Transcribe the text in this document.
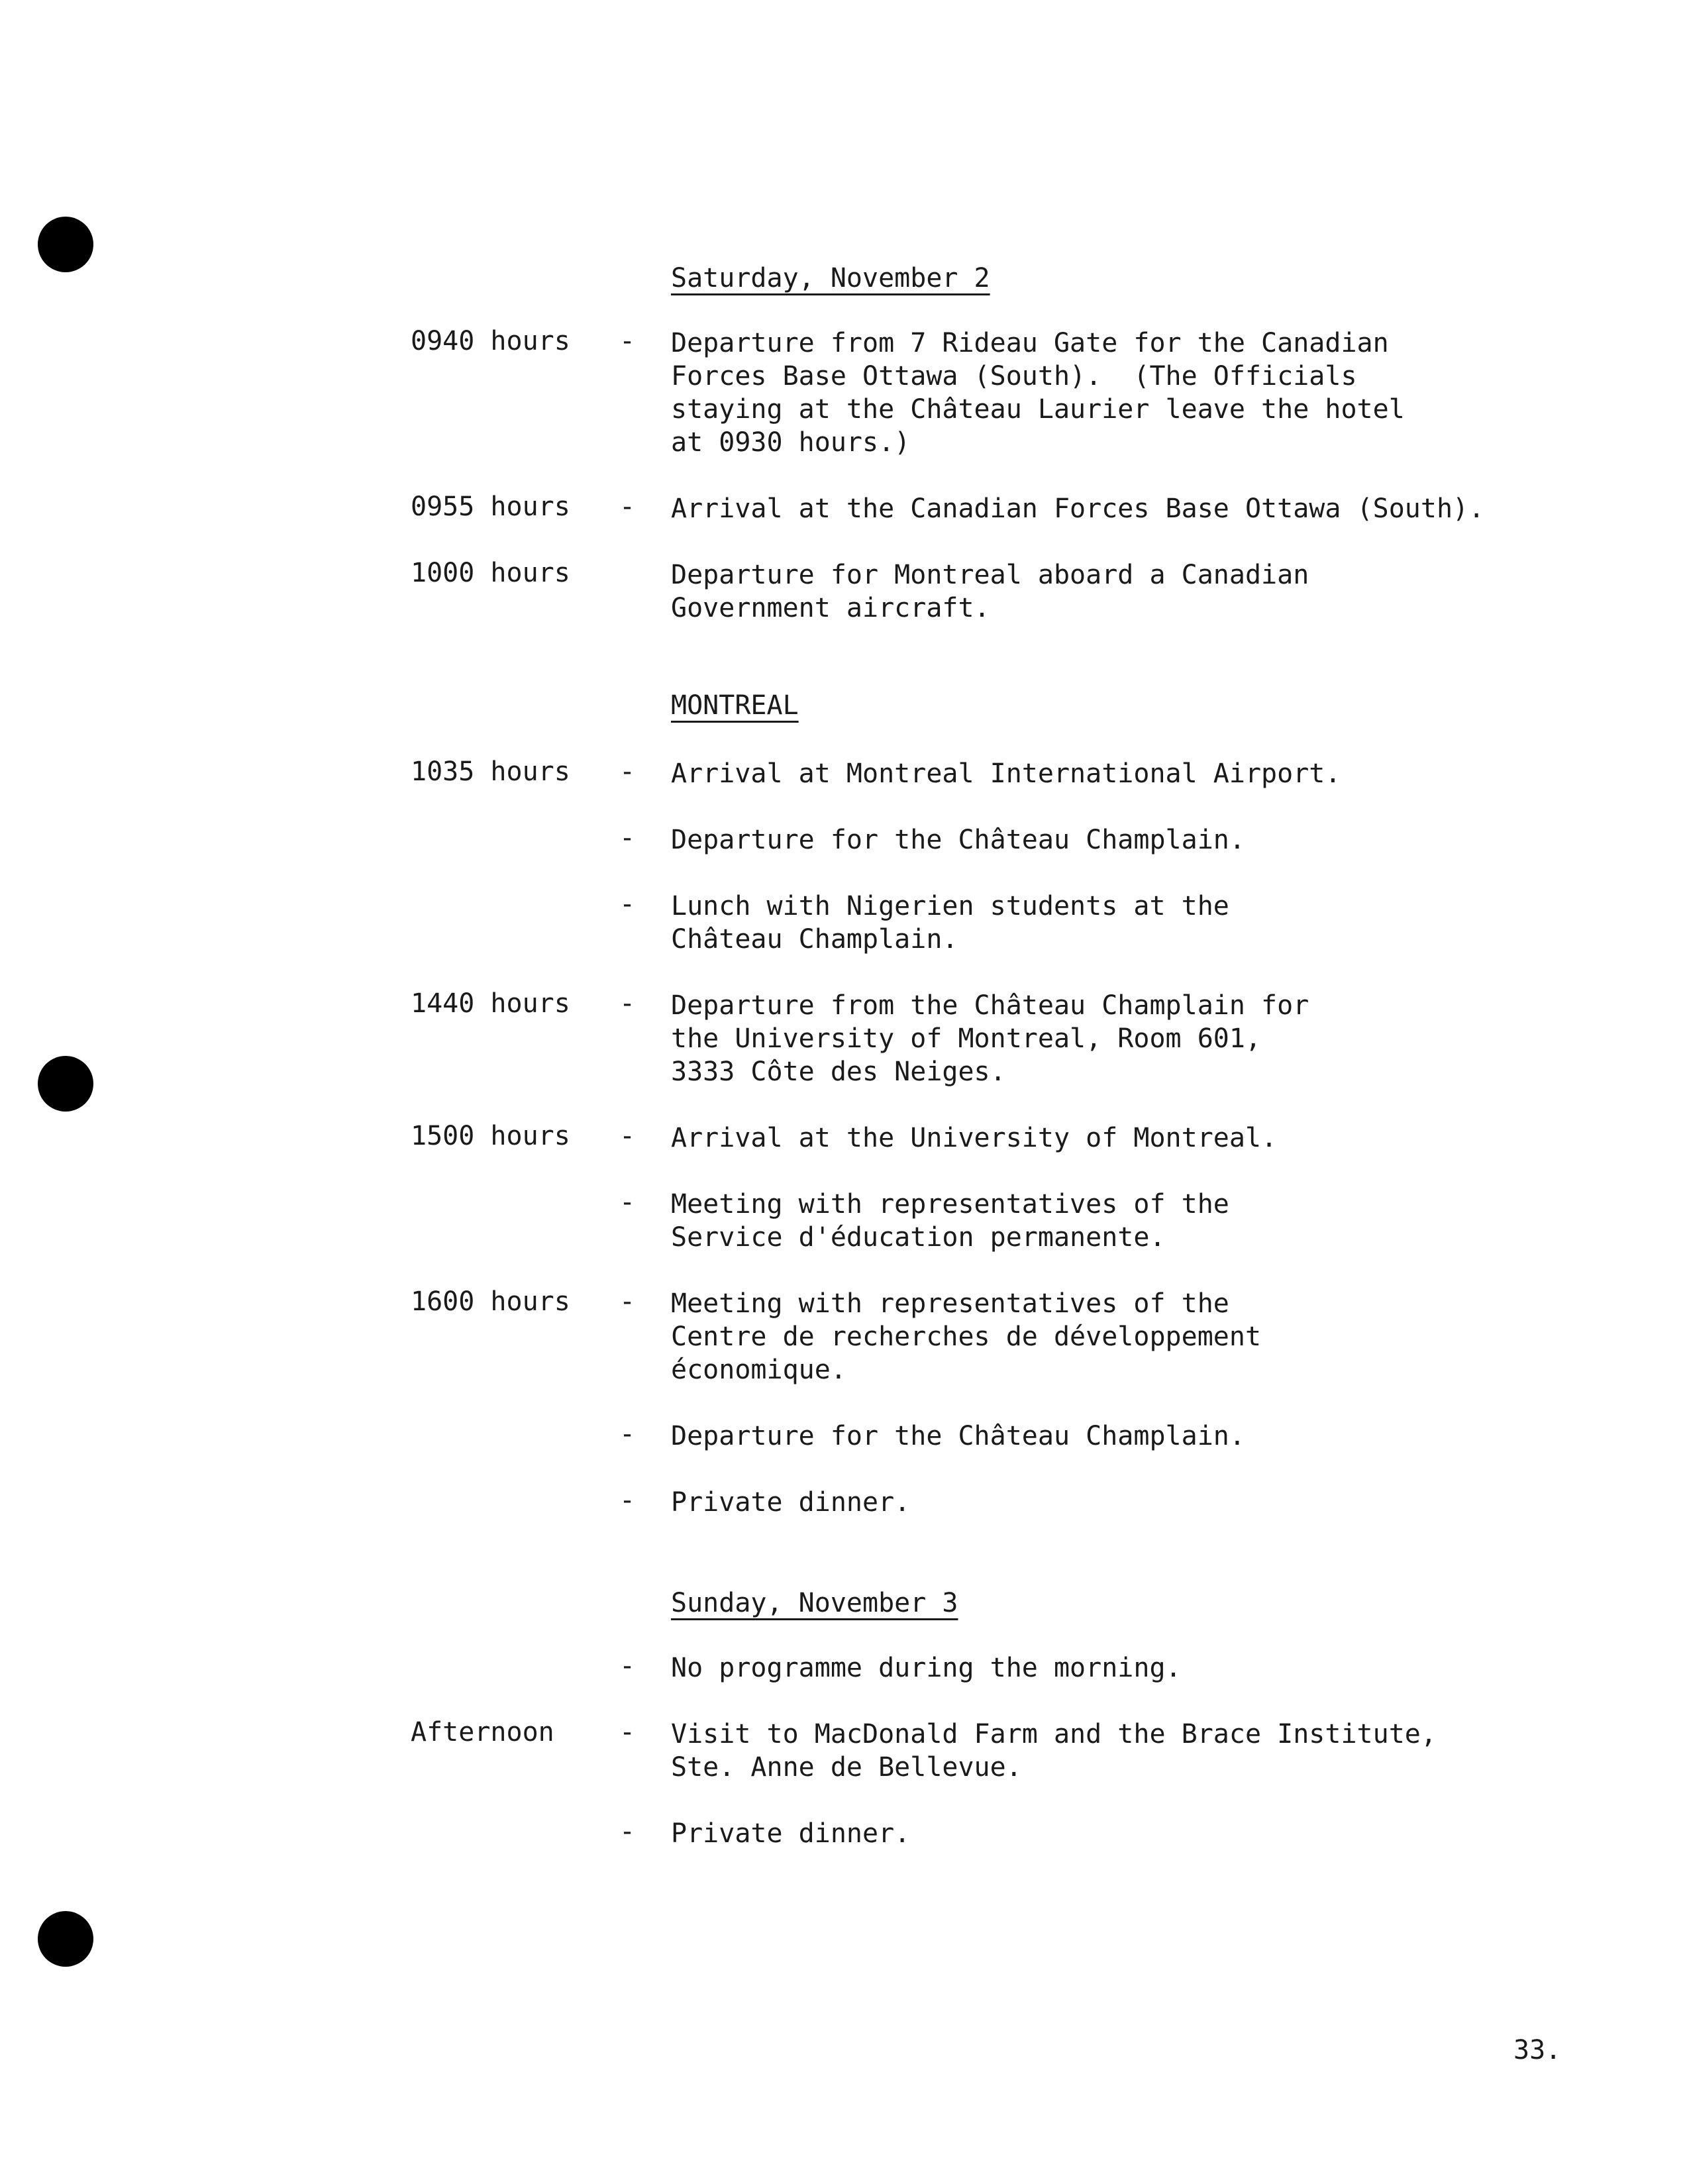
Saturday, November 2
0940 hours - Departure from 7 Rideau Gate for the Canadian
Forces Base Ottawa (South).  (The Officials
staying at the Château Laurier leave the hotel
at 0930 hours.)
0955 hours - Arrival at the Canadian Forces Base Ottawa (South).
1000 hours	Departure for Montreal aboard a Canadian
Government aircraft.
MONTREAL
1035 hours - Arrival at Montreal International Airport.
- Departure for the Château Champlain.
- Lunch with Nigerien students at the
Château Champlain.
1440 hours - Departure from the Château Champlain for
the University of Montreal, Room 601,
3333 Côte des Neiges.
1500 hours - Arrival at the University of Montreal.
- Meeting with representatives of the
Service d'éducation permanente.
1600 hours - Meeting with representatives of the
Centre de recherches de développement
économique.
- Departure for the Château Champlain.
- Private dinner.
Sunday, November 3
- No programme during the morning.
Afternoon - Visit to MacDonald Farm and the Brace Institute,
Ste. Anne de Bellevue.
- Private dinner.
33.
